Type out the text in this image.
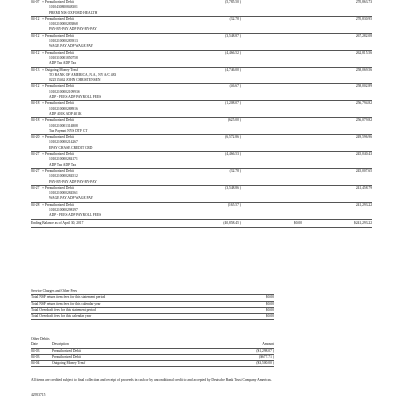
04-07 + Preauthorized Debit	(5,785.50 )	270,863.73
1010430800848301
PREMI NIS OXFORD HEALTH
04-12 + Preauthorized Debit	(32.78 )	270,830.95
1010210000283868
PAY-BY-PAY ADP PAY-BY-PAY
04-12 + Preauthorized Debit	(3,548.87 )	267,282.08
1010210000283913
WAGE PAY ADP WAGE PAY
04-12 + Preauthorized Debit	(4,466.52 )	262,815.56
1010310001850758
ADP Tax ADP Tax
04-13 + Outgoing Money Trnsf	(4,746.00 )	258,069.56
TO BANK OF AMERICA, N.A., NY A/C 483
022515462 JOHN CHRISTENSEN
04-12 + Preauthorized Debit	(46.67 )	258,002.89
1010210000210993S
ADP - FEES ADP PAYROLL FEES
04-18 + Preauthorized Debit	(1,208.07 )	256,794.82
1010210000288916
ADP 401K ADP 401K
04-18 + Preauthorized Debit	(625.00 )	256,079.82
1010210001314808
Tax Paymnt NYS DTF CT
04-20 + Preauthorized Debit	(6,572.86 )	249,596.96
1010210000214267
EPAY CHASE CREDIT CRD
04-27 + Preauthorized Debit	(4,466.53 )	245,040.43
1010210000284171
ADP Tax ADP Tax
04-27 + Preauthorized Debit	(32.78 )	245,007.65
1010210000284512
PAY-BY-PAY ADP PAY-BY-PAY
04-27 + Preauthorized Debit	(3,548.86 )	241,458.79
1010210000284561
WAGE PAY ADP WAGE PAY
04-28 + Preauthorized Debit	(165.57 )	241,293.22
1010210000298197
ADP - FEES ADP PAYROLL FEES
Ending Balance as of April 30, 2017	(40,858.45 )	$0.00	$241,293.22
Service Charges and Other Fees
Total NSF return item fees for this statement period	$0.00
Total NSF return item fees for this calendar year	$0.00
Total Overdraft fees for this statement period	$0.00
Total Overdraft fees for this calendar year	$0.00
Other Debits
Date	Description	Amount
04-03	Preauthorized Debit	($1,298.07 )
04-03	Preauthorized Debit	($677.71 )
04-04	Outgoing Money Trnsf	($3,500.00 )
All items are credited subject to final collection and receipt of proceeds in cash or by unconditional credit to and accepted by Deutsche Bank Trust Company Americas.
42953715
